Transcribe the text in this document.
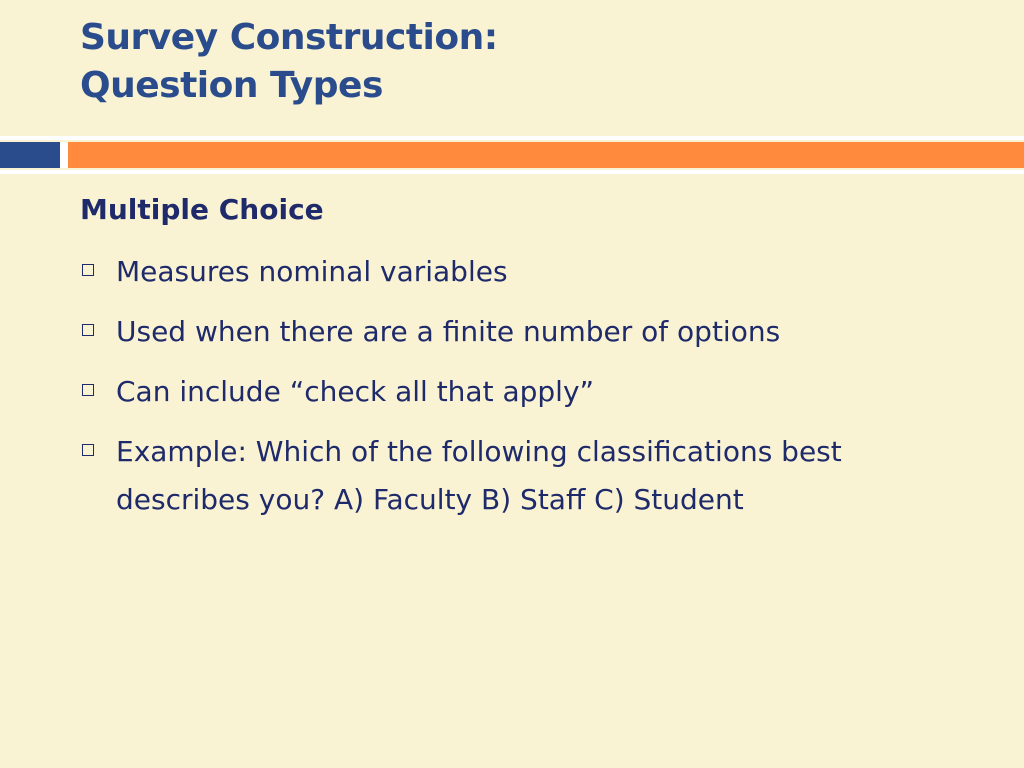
Survey Construction:
Question Types
Multiple Choice
Measures nominal variables
Used when there are a finite number of options
Can include “check all that apply”
Example: Which of the following classifications best describes you? A) Faculty B) Staff C) Student
